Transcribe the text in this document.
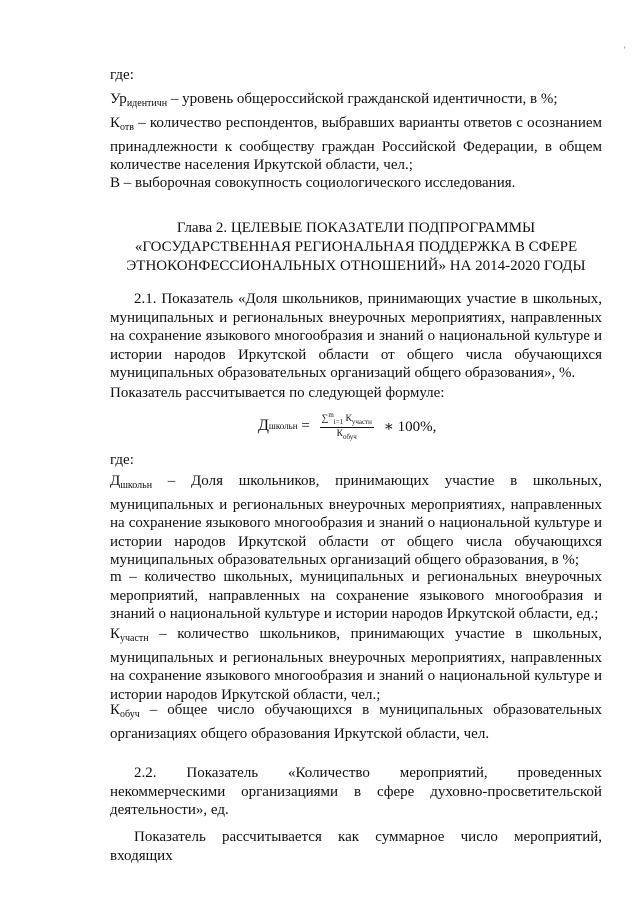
'

где:

$Ур_{идентичн}$ – уровень общероссийской гражданской идентичности, в %;

$К_{отв}$ – количество респондентов, выбравших варианты ответов с осознанием принадлежности к сообществу граждан Российской Федерации, в общем количестве населения Иркутской области, чел.;

В – выборочная совокупность социологического исследования.

Глава 2. ЦЕЛЕВЫЕ ПОКАЗАТЕЛИ ПОДПРОГРАММЫ

«ГОСУДАРСТВЕННАЯ РЕГИОНАЛЬНАЯ ПОДДЕРЖКА В СФЕРЕ

ЭТНОКОНФЕССИОНАЛЬНЫХ ОТНОШЕНИЙ» НА 2014-2020 ГОДЫ

2.1. Показатель «Доля школьников, принимающих участие в школьных, муниципальных и региональных внеурочных мероприятиях, направленных на сохранение языкового многообразия и знаний о национальной культуре и истории народов Иркутской области от общего числа обучающихся муниципальных образовательных организаций общего образования», %.

Показатель рассчитывается по следующей формуле:

Д школьн = $\frac{\sum^m_{i=1} К_{участн}}{К_{обуч}}$ ∗ 100%,

где:

$Д_{школьн}$ – Доля школьников, принимающих участие в школьных, муниципальных и региональных внеурочных мероприятиях, направленных на сохранение языкового многообразия и знаний о национальной культуре и истории народов Иркутской области от общего числа обучающихся муниципальных образовательных организаций общего образования, в %;

m – количество школьных, муниципальных и региональных внеурочных мероприятий, направленных на сохранение языкового многообразия и знаний о национальной культуре и истории народов Иркутской области, ед.;

$К_{участн}$ – количество школьников, принимающих участие в школьных, муниципальных и региональных внеурочных мероприятиях, направленных на сохранение языкового многообразия и знаний о национальной культуре и истории народов Иркутской области, чел.;

$К_{обуч}$ – общее число обучающихся в муниципальных образовательных организациях общего образования Иркутской области, чел.

2.2. Показатель «Количество мероприятий, проведенных
некоммерческими организациями в сфере духовно-просветительской
деятельности», ед.

Показатель рассчитывается как суммарное число мероприятий, входящих
